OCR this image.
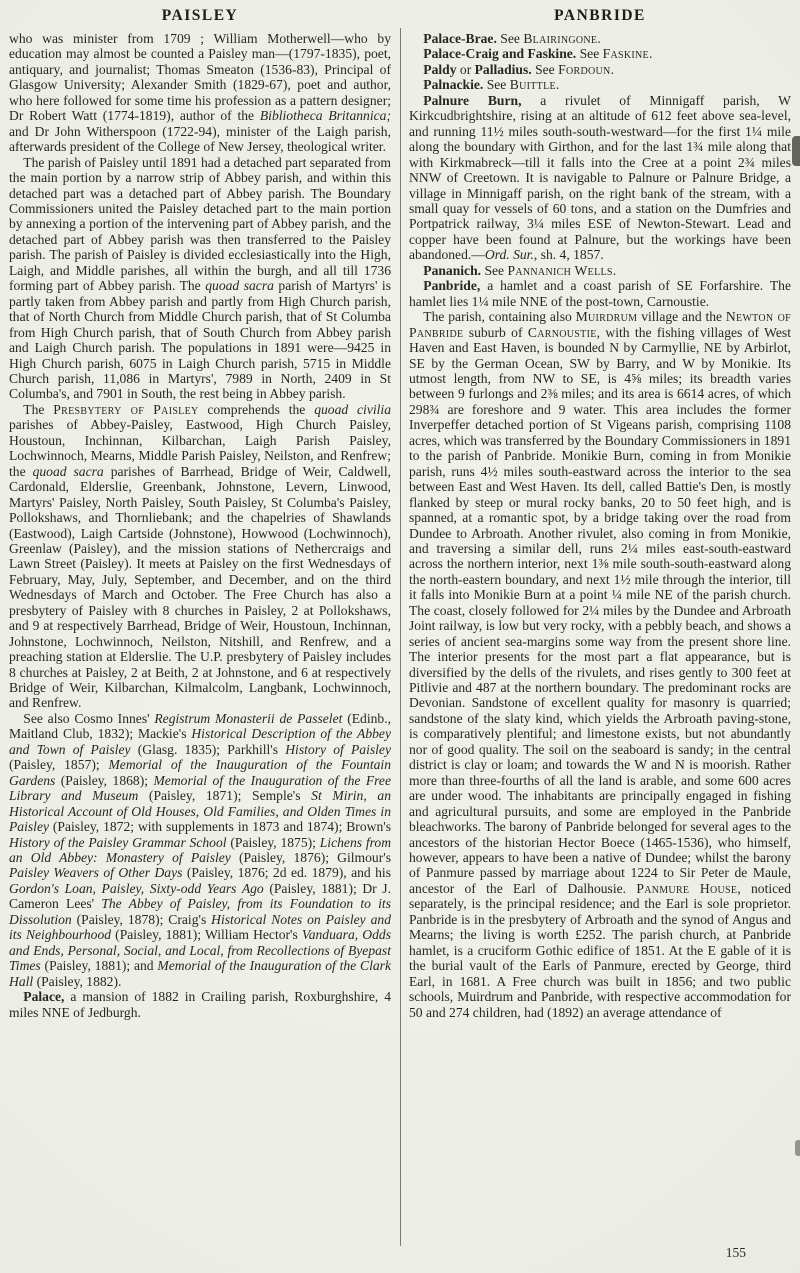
PAISLEY	PANBRIDE

who was minister from 1709 ; William Motherwell—who by education may almost be counted a Paisley man—(1797-1835), poet, antiquary, and journalist; Thomas Smeaton (1536-83), Principal of Glasgow University; Alexander Smith (1829-67), poet and author, who here followed for some time his profession as a pattern designer; Dr Robert Watt (1774-1819), author of the Bibliotheca Britannica; and Dr John Witherspoon (1722-94), minister of the Laigh parish, afterwards president of the College of New Jersey, theological writer.

The parish of Paisley until 1891 had a detached part separated from the main portion by a narrow strip of Abbey parish, and within this detached part was a detached part of Abbey parish. The Boundary Commissioners united the Paisley detached part to the main portion by annexing a portion of the intervening part of Abbey parish, and the detached part of Abbey parish was then transferred to the Paisley parish. The parish of Paisley is divided ecclesiastically into the High, Laigh, and Middle parishes, all within the burgh, and all till 1736 forming part of Abbey parish. The quoad sacra parish of Martyrs' is partly taken from Abbey parish and partly from High Church parish, that of North Church from Middle Church parish, that of St Columba from High Church parish, that of South Church from Abbey parish and Laigh Church parish. The populations in 1891 were—9425 in High Church parish, 6075 in Laigh Church parish, 5715 in Middle Church parish, 11,086 in Martyrs', 7989 in North, 2409 in St Columba's, and 7901 in South, the rest being in Abbey parish.

The Presbytery of Paisley comprehends the quoad civilia parishes of Abbey-Paisley, Eastwood, High Church Paisley, Houstoun, Inchinnan, Kilbarchan, Laigh Parish Paisley, Lochwinnoch, Mearns, Middle Parish Paisley, Neilston, and Renfrew; the quoad sacra parishes of Barrhead, Bridge of Weir, Caldwell, Cardonald, Elderslie, Greenbank, Johnstone, Levern, Linwood, Martyrs' Paisley, North Paisley, South Paisley, St Columba's Paisley, Pollokshaws, and Thornliebank; and the chapelries of Shawlands (Eastwood), Laigh Cartside (Johnstone), Howwood (Lochwinnoch), Greenlaw (Paisley), and the mission stations of Nethercraigs and Lawn Street (Paisley). It meets at Paisley on the first Wednesdays of February, May, July, September, and December, and on the third Wednesdays of March and October. The Free Church has also a presbytery of Paisley with 8 churches in Paisley, 2 at Pollokshaws, and 9 at respectively Barrhead, Bridge of Weir, Houstoun, Inchinnan, Johnstone, Lochwinnoch, Neilston, Nitshill, and Renfrew, and a preaching station at Elderslie. The U.P. presbytery of Paisley includes 8 churches at Paisley, 2 at Beith, 2 at Johnstone, and 6 at respectively Bridge of Weir, Kilbarchan, Kilmalcolm, Langbank, Lochwinnoch, and Renfrew.

See also Cosmo Innes' Registrum Monasterii de Passelet (Edinb., Maitland Club, 1832); Mackie's Historical Description of the Abbey and Town of Paisley (Glasg. 1835); Parkhill's History of Paisley (Paisley, 1857); Memorial of the Inauguration of the Fountain Gardens (Paisley, 1868); Memorial of the Inauguration of the Free Library and Museum (Paisley, 1871); Semple's St Mirin, an Historical Account of Old Houses, Old Families, and Olden Times in Paisley (Paisley, 1872; with supplements in 1873 and 1874); Brown's History of the Paisley Grammar School (Paisley, 1875); Lichens from an Old Abbey: Monastery of Paisley (Paisley, 1876); Gilmour's Paisley Weavers of Other Days (Paisley, 1876; 2d ed. 1879), and his Gordon's Loan, Paisley, Sixty-odd Years Ago (Paisley, 1881); Dr J. Cameron Lees' The Abbey of Paisley, from its Foundation to its Dissolution (Paisley, 1878); Craig's Historical Notes on Paisley and its Neighbourhood (Paisley, 1881); William Hector's Vanduara, Odds and Ends, Personal, Social, and Local, from Recollections of Byepast Times (Paisley, 1881); and Memorial of the Inauguration of the Clark Hall (Paisley, 1882).

Palace, a mansion of 1882 in Crailing parish, Roxburghshire, 4 miles NNE of Jedburgh.

Palace-Brae. See Blairingone.

Palace-Craig and Faskine. See Faskine.

Paldy or Palladius. See Fordoun.

Palnackie. See Buittle.

Palnure Burn, a rivulet of Minnigaff parish, W Kirkcudbrightshire, rising at an altitude of 612 feet above sea-level, and running 11½ miles south-south-westward—for the first 1¼ mile along the boundary with Girthon, and for the last 1¾ mile along that with Kirkmabreck—till it falls into the Cree at a point 2¾ miles NNW of Creetown. It is navigable to Palnure or Palnure Bridge, a village in Minnigaff parish, on the right bank of the stream, with a small quay for vessels of 60 tons, and a station on the Dumfries and Portpatrick railway, 3¼ miles ESE of Newton-Stewart. Lead and copper have been found at Palnure, but the workings have been abandoned.—Ord. Sur., sh. 4, 1857.

Pananich. See Pannanich Wells.

Panbride, a hamlet and a coast parish of SE Forfarshire. The hamlet lies 1¼ mile NNE of the post-town, Carnoustie.

The parish, containing also Muirdrum village and the Newton of Panbride suburb of Carnoustie, with the fishing villages of West Haven and East Haven, is bounded N by Carmyllie, NE by Arbirlot, SE by the German Ocean, SW by Barry, and W by Monikie. Its utmost length, from NW to SE, is 4⅝ miles; its breadth varies between 9 furlongs and 2⅜ miles; and its area is 6614 acres, of which 298¾ are foreshore and 9 water. This area includes the former Inverpeffer detached portion of St Vigeans parish, comprising 1108 acres, which was transferred by the Boundary Commissioners in 1891 to the parish of Panbride. Monikie Burn, coming in from Monikie parish, runs 4½ miles south-eastward across the interior to the sea between East and West Haven. Its dell, called Battie's Den, is mostly flanked by steep or mural rocky banks, 20 to 50 feet high, and is spanned, at a romantic spot, by a bridge taking over the road from Dundee to Arbroath. Another rivulet, also coming in from Monikie, and traversing a similar dell, runs 2¼ miles east-south-eastward across the northern interior, next 1⅜ mile south-south-eastward along the north-eastern boundary, and next 1½ mile through the interior, till it falls into Monikie Burn at a point ¼ mile NE of the parish church. The coast, closely followed for 2¼ miles by the Dundee and Arbroath Joint railway, is low but very rocky, with a pebbly beach, and shows a series of ancient sea-margins some way from the present shore line. The interior presents for the most part a flat appearance, but is diversified by the dells of the rivulets, and rises gently to 300 feet at Pitlivie and 487 at the northern boundary. The predominant rocks are Devonian. Sandstone of excellent quality for masonry is quarried; sandstone of the slaty kind, which yields the Arbroath paving-stone, is comparatively plentiful; and limestone exists, but not abundantly nor of good quality. The soil on the seaboard is sandy; in the central district is clay or loam; and towards the W and N is moorish. Rather more than three-fourths of all the land is arable, and some 600 acres are under wood. The inhabitants are principally engaged in fishing and agricultural pursuits, and some are employed in the Panbride bleachworks. The barony of Panbride belonged for several ages to the ancestors of the historian Hector Boece (1465-1536), who himself, however, appears to have been a native of Dundee; whilst the barony of Panmure passed by marriage about 1224 to Sir Peter de Maule, ancestor of the Earl of Dalhousie. Panmure House, noticed separately, is the principal residence; and the Earl is sole proprietor. Panbride is in the presbytery of Arbroath and the synod of Angus and Mearns; the living is worth £252. The parish church, at Panbride hamlet, is a cruciform Gothic edifice of 1851. At the E gable of it is the burial vault of the Earls of Panmure, erected by George, third Earl, in 1681. A Free church was built in 1856; and two public schools, Muirdrum and Panbride, with respective accommodation for 50 and 274 children, had (1892) an average attendance of

155
